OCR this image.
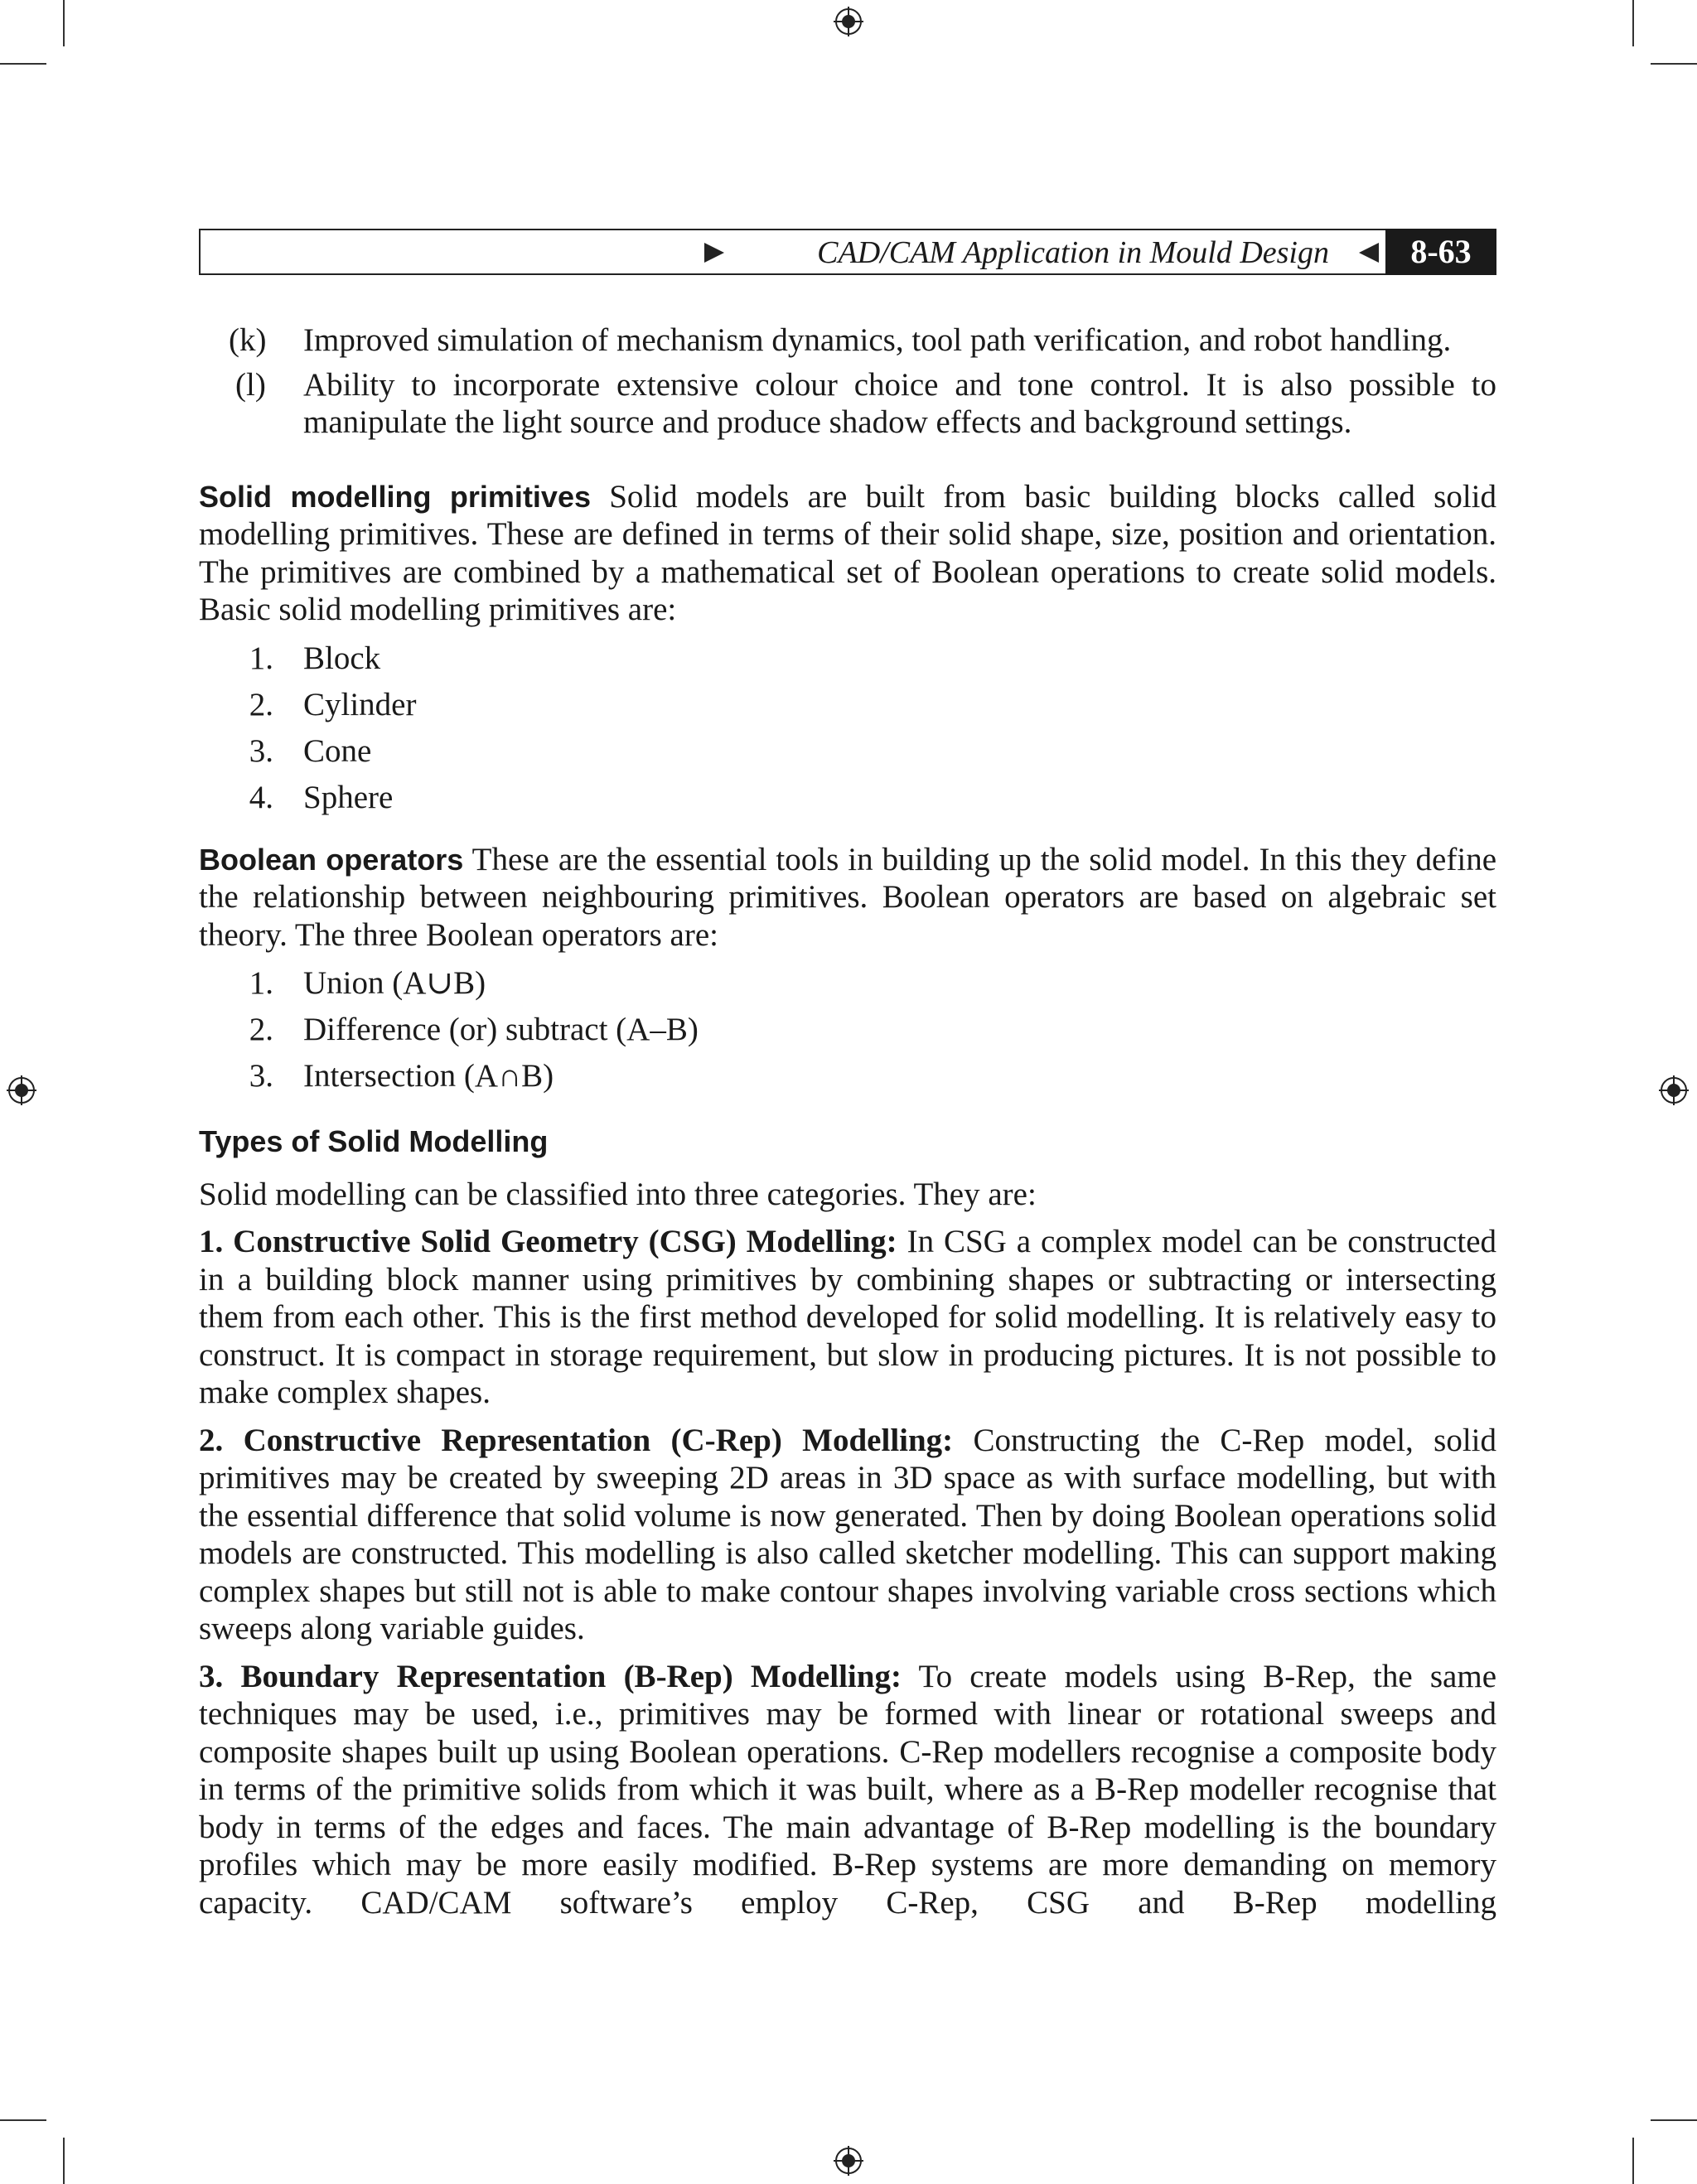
CAD/CAM Application in Mould Design	8-63
(k)	Improved simulation of mechanism dynamics, tool path verification, and robot handling.
(l)	Ability to incorporate extensive colour choice and tone control. It is also possible to manipulate the light source and produce shadow effects and background settings.

Solid modelling primitives Solid models are built from basic building blocks called solid modelling primitives. These are defined in terms of their solid shape, size, position and orientation. The primitives are combined by a mathematical set of Boolean operations to create solid models. Basic solid modelling primitives are:

1. Block
2. Cylinder
3. Cone
4. Sphere

Boolean operators These are the essential tools in building up the solid model. In this they define the relationship between neighbouring primitives. Boolean operators are based on algebraic set theory. The three Boolean operators are:

1. Union (A∪B)
2. Difference (or) subtract (A–B)
3. Intersection (A∩B)
Types of Solid Modelling

Solid modelling can be classified into three categories. They are:

1. Constructive Solid Geometry (CSG) Modelling: In CSG a complex model can be constructed in a building block manner using primitives by combining shapes or subtracting or intersecting them from each other. This is the first method developed for solid modelling. It is relatively easy to construct. It is compact in storage requirement, but slow in producing pictures. It is not possible to make complex shapes.

2. Constructive Representation (C-Rep) Modelling: Constructing the C-Rep model, solid primitives may be created by sweeping 2D areas in 3D space as with surface modelling, but with the essential difference that solid volume is now generated. Then by doing Boolean operations solid models are constructed. This modelling is also called sketcher modelling. This can support making complex shapes but still not is able to make contour shapes involving variable cross sections which sweeps along variable guides.

3. Boundary Representation (B-Rep) Modelling: To create models using B-Rep, the same techniques may be used, i.e., primitives may be formed with linear or rotational sweeps and composite shapes built up using Boolean operations. C-Rep modellers recognise a composite body in terms of the primitive solids from which it was built, where as a B-Rep modeller recognise that body in terms of the edges and faces. The main advantage of B-Rep modelling is the boundary profiles which may be more easily modified. B-Rep systems are more demanding on memory capacity. CAD/CAM software’s employ C-Rep, CSG and B-Rep modelling
